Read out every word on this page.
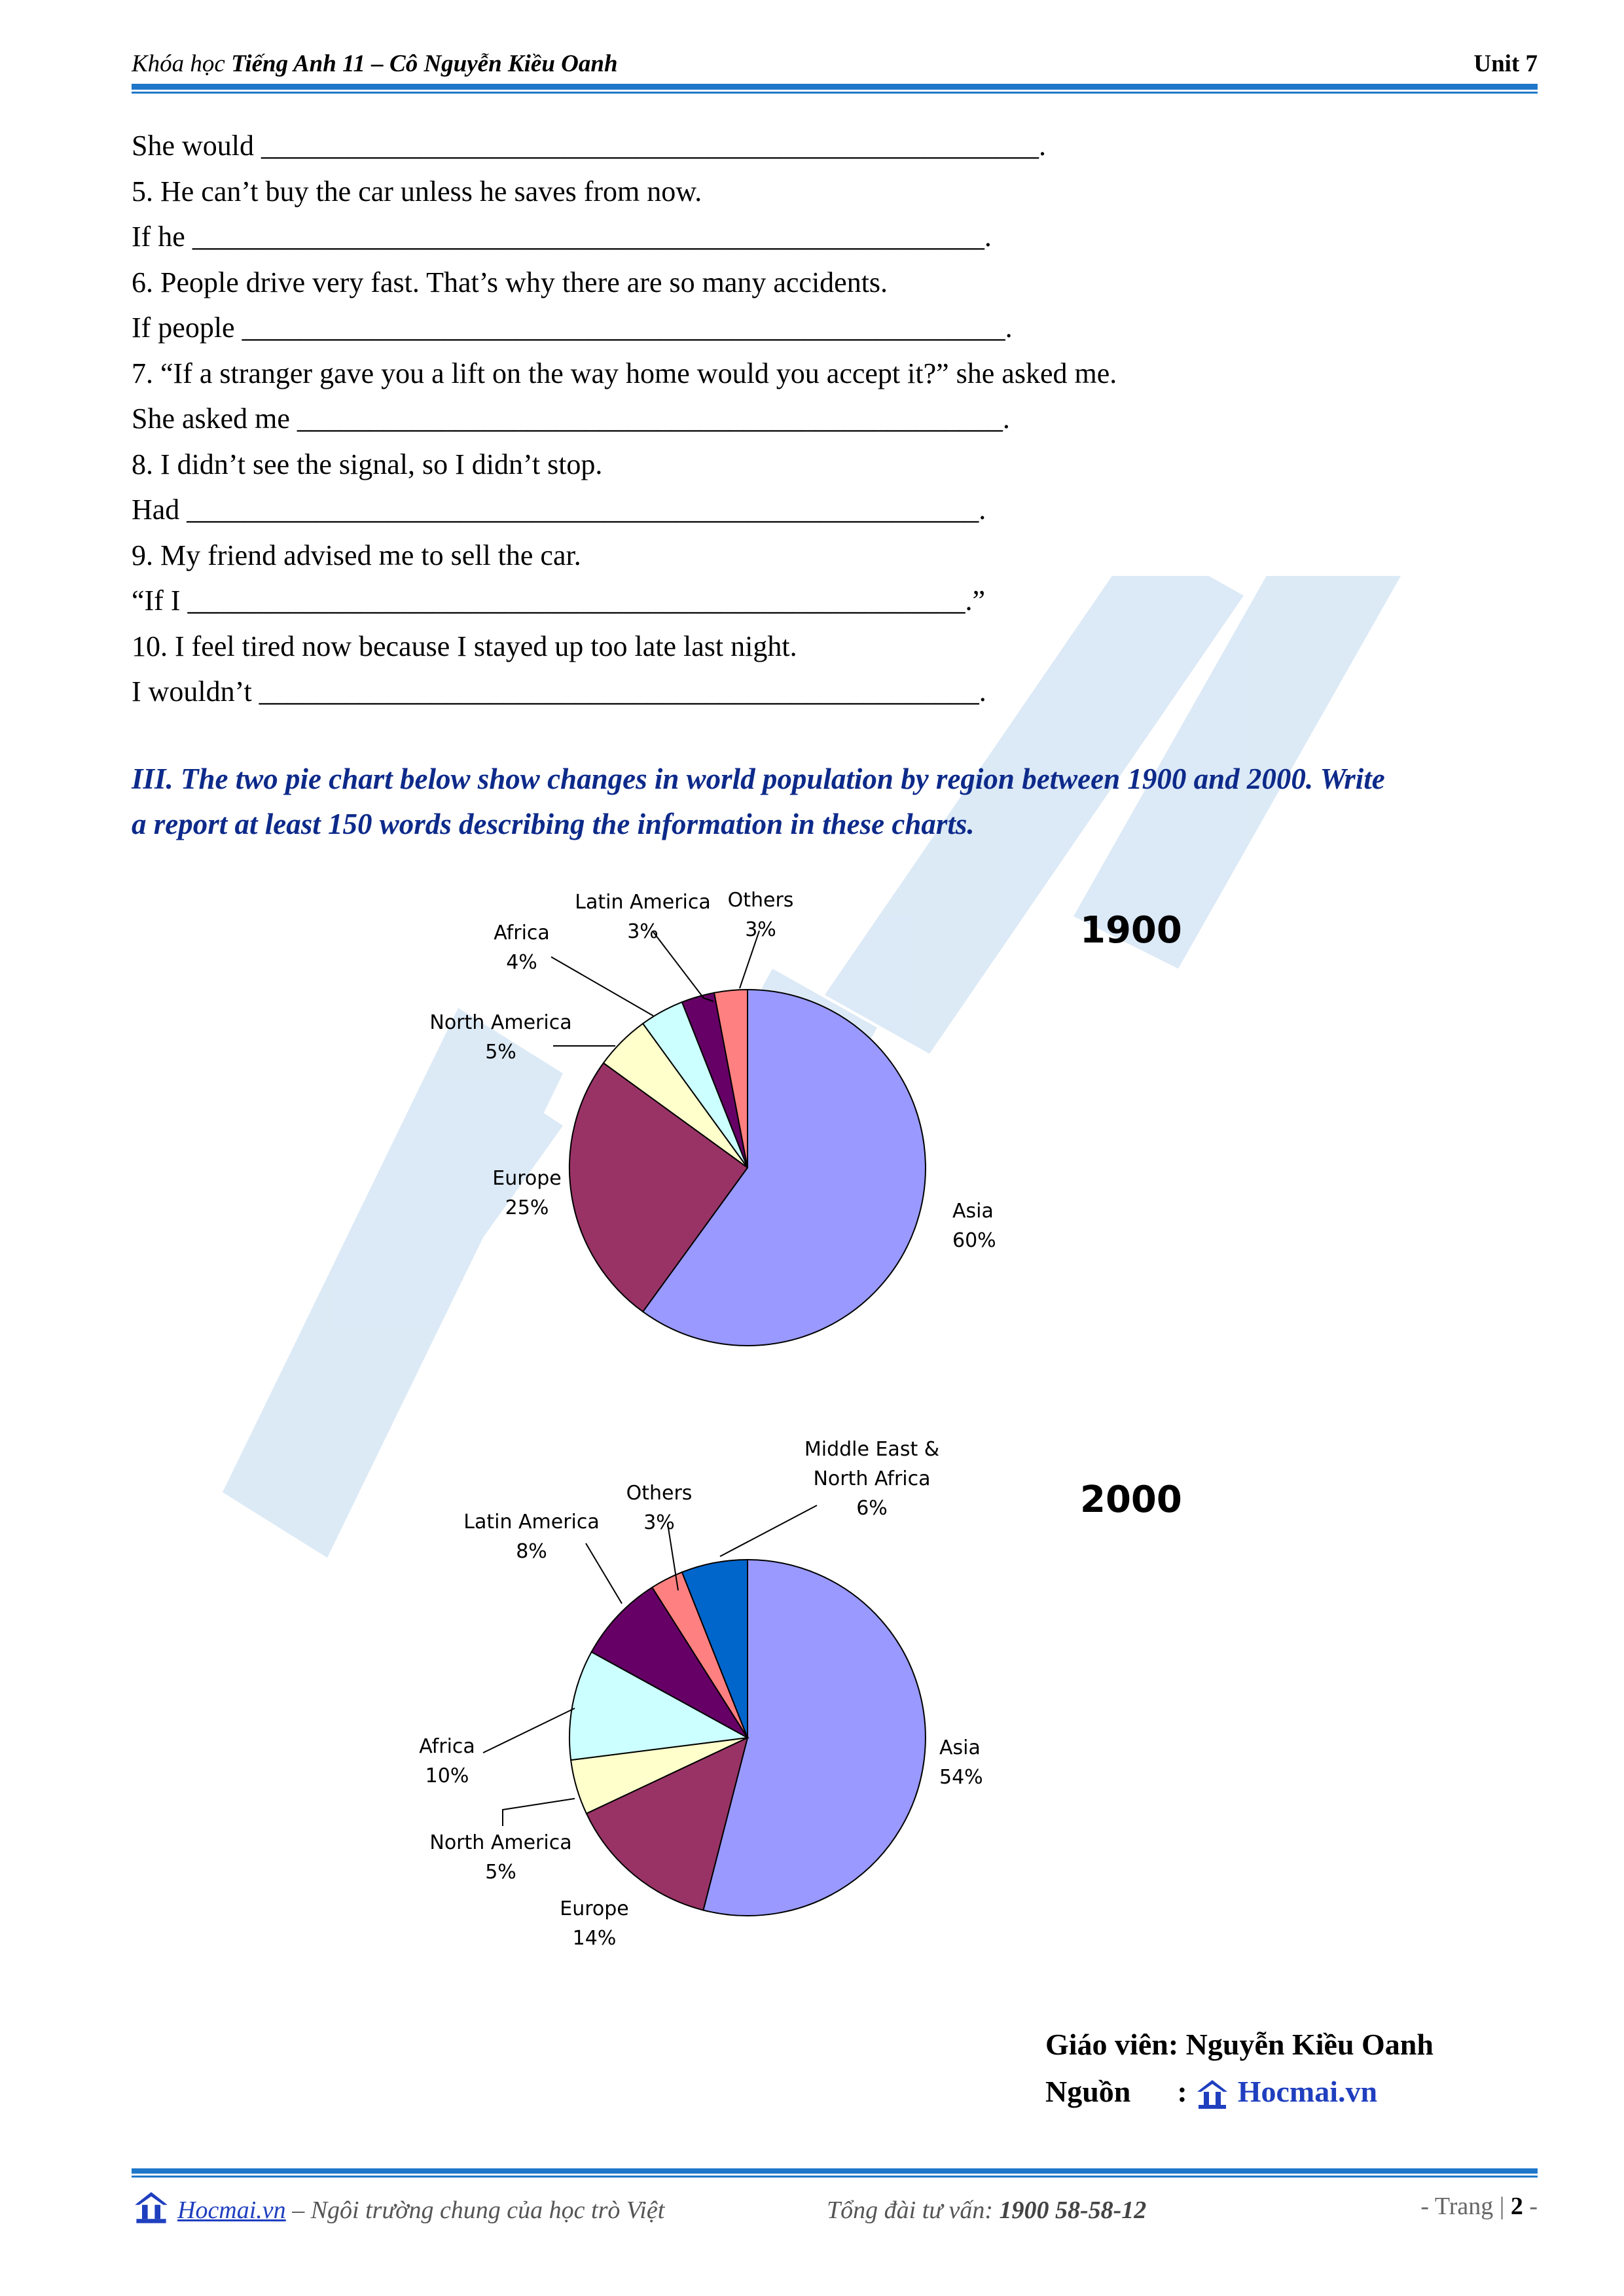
Khóa học Tiếng Anh 11 – Cô Nguyễn Kiều Oanh	Unit 7
She would ______________________________________________________.
5. He can’t buy the car unless he saves from now.
If he _______________________________________________________.
6. People drive very fast. That’s why there are so many accidents.
If people _____________________________________________________.
7. “If a stranger gave you a lift on the way home would you accept it?” she asked me.
She asked me _________________________________________________.
8. I didn’t see the signal, so I didn’t stop.
Had _______________________________________________________.
9. My friend advised me to sell the car.
“If I ______________________________________________________.”
10. I feel tired now because I stayed up too late last night.
I wouldn’t __________________________________________________.
III. The two pie chart below show changes in world population by region between 1900 and 2000. Write
a report at least 150 words describing the information in these charts.
Asia 60%
Europe 25%
North America 5%
Africa 4%
Latin America 3%
Others 3%	1900
Asia 54%
Europe 14%
North America 5%
Africa 10%
Latin America 8%
Others 3%
Middle East & North Africa 6%	2000
Giáo viên: Nguyễn Kiều Oanh
Nguồn : Hocmai.vn
Hocmai.vn – Ngôi trường chung của học trò Việt	Tổng đài tư vấn: 1900 58-58-12	- Trang | 2 -
